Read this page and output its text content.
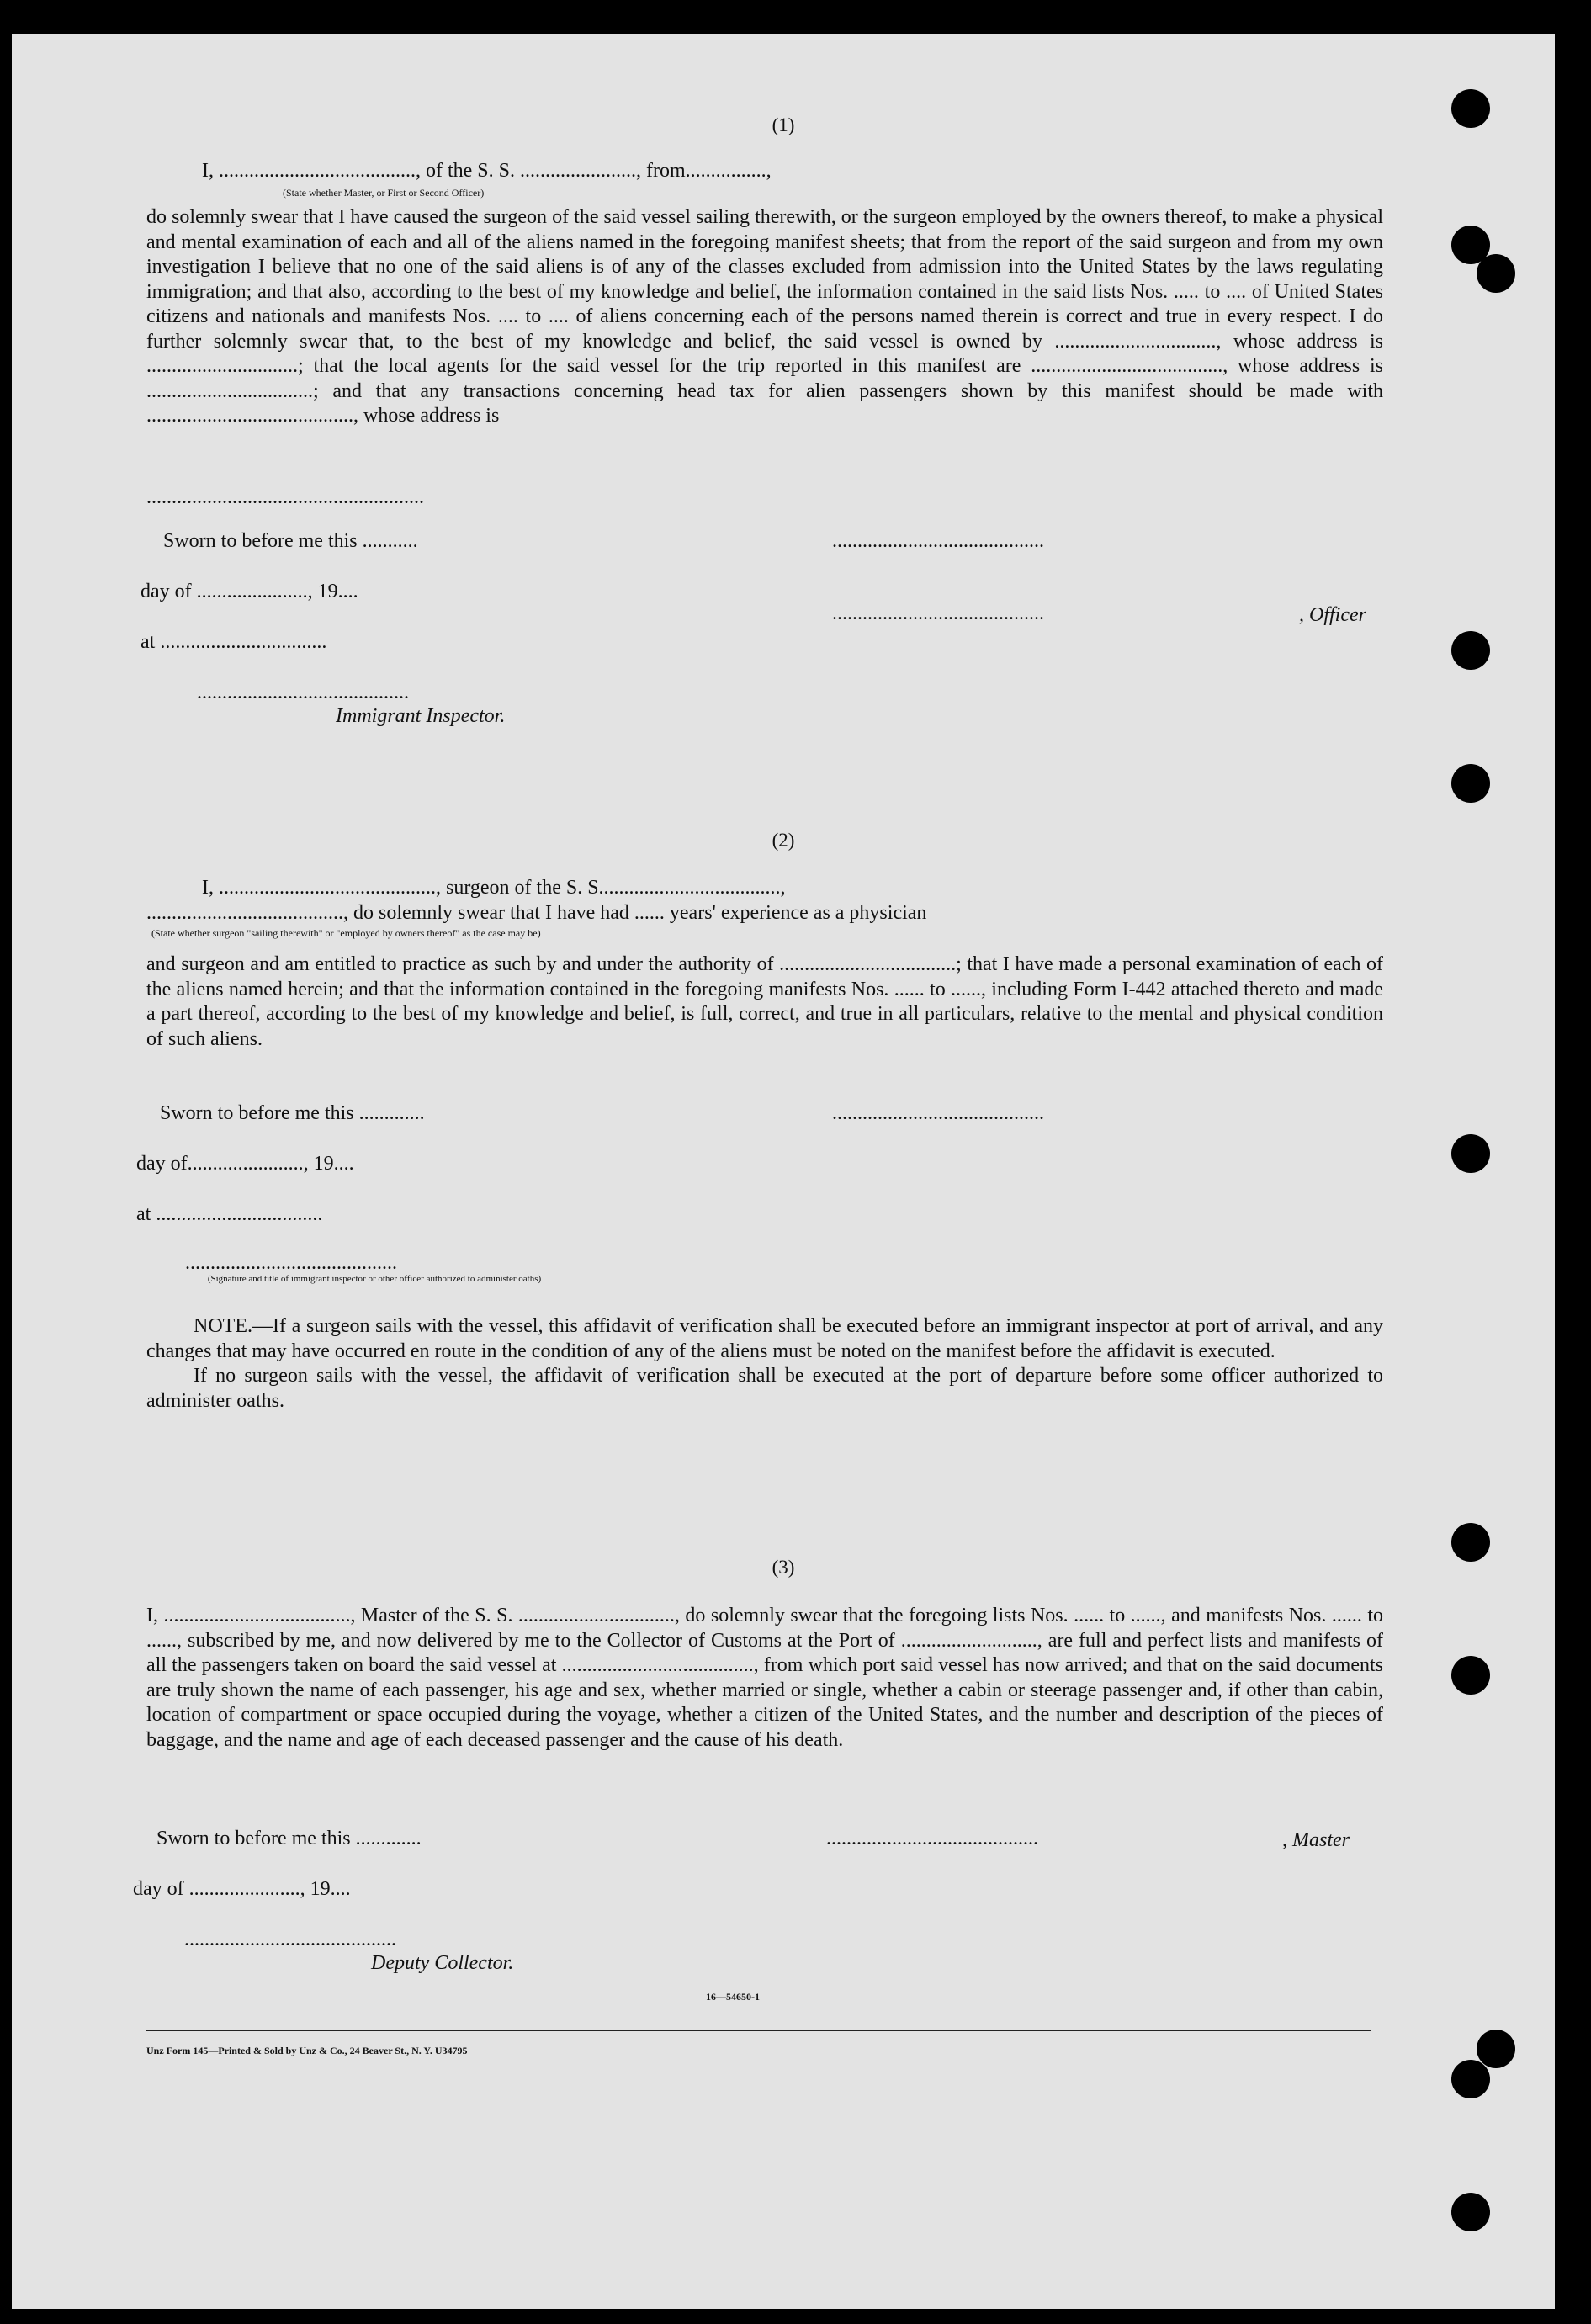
(1)
I, ......................................., of the S. S. ......................., from................,
(State whether Master, or First or Second Officer)

do solemnly swear that I have caused the surgeon of the said vessel sailing therewith, or the surgeon employed by the owners thereof, to make a physical and mental examination of each and all of the aliens named in the foregoing manifest sheets; that from the report of the said surgeon and from my own investigation I believe that no one of the said aliens is of any of the classes excluded from admission into the United States by the laws regulating immigration; and that also, according to the best of my knowledge and belief, the information contained in the said lists Nos. ..... to .... of United States citizens and nationals and manifests Nos. .... to .... of aliens concerning each of the persons named therein is correct and true in every respect. I do further solemnly swear that, to the best of my knowledge and belief, the said vessel is owned by ................................, whose address is ..............................; that the local agents for the said vessel for the trip reported in this manifest are ......................................, whose address is .................................; and that any transactions concerning head tax for alien passengers shown by this manifest should be made with ........................................., whose address is

.......................................................
Sworn to before me this ...........
day of ......................, 19....
at .................................
..........................................
..........................................	, Officer
..........................................
Immigrant Inspector.
(2)
I, ..........................................., surgeon of the S. S....................................,
......................................., do solemnly swear that I have had ...... years' experience as a physician
(State whether surgeon "sailing therewith" or "employed by owners thereof" as the case may be)

and surgeon and am entitled to practice as such by and under the authority of ...................................; that I have made a personal examination of each of the aliens named herein; and that the information contained in the foregoing manifests Nos. ...... to ......, including Form I-442 attached thereto and made a part thereof, according to the best of my knowledge and belief, is full, correct, and true in all particulars, relative to the mental and physical condition of such aliens.

Sworn to before me this .............
day of......................., 19....
at .................................
..........................................
..........................................
(Signature and title of immigrant inspector or other officer authorized to administer oaths)

NOTE.—If a surgeon sails with the vessel, this affidavit of verification shall be executed before an immigrant inspector at port of arrival, and any changes that may have occurred en route in the condition of any of the aliens must be noted on the manifest before the affidavit is executed.

If no surgeon sails with the vessel, the affidavit of verification shall be executed at the port of departure before some officer authorized to administer oaths.

(3)

I, ....................................., Master of the S. S. ..............................., do solemnly swear that the foregoing lists Nos. ...... to ......, and manifests Nos. ...... to ......, subscribed by me, and now delivered by me to the Collector of Customs at the Port of ..........................., are full and perfect lists and manifests of all the passengers taken on board the said vessel at ......................................, from which port said vessel has now arrived; and that on the said documents are truly shown the name of each passenger, his age and sex, whether married or single, whether a cabin or steerage passenger and, if other than cabin, location of compartment or space occupied during the voyage, whether a citizen of the United States, and the number and description of the pieces of baggage, and the name and age of each deceased passenger and the cause of his death.

Sworn to before me this .............
day of ......................, 19....
..........................................	, Master
..........................................
Deputy Collector.
16—54650-1
Unz Form 145—Printed & Sold by Unz & Co., 24 Beaver St., N. Y. U34795
